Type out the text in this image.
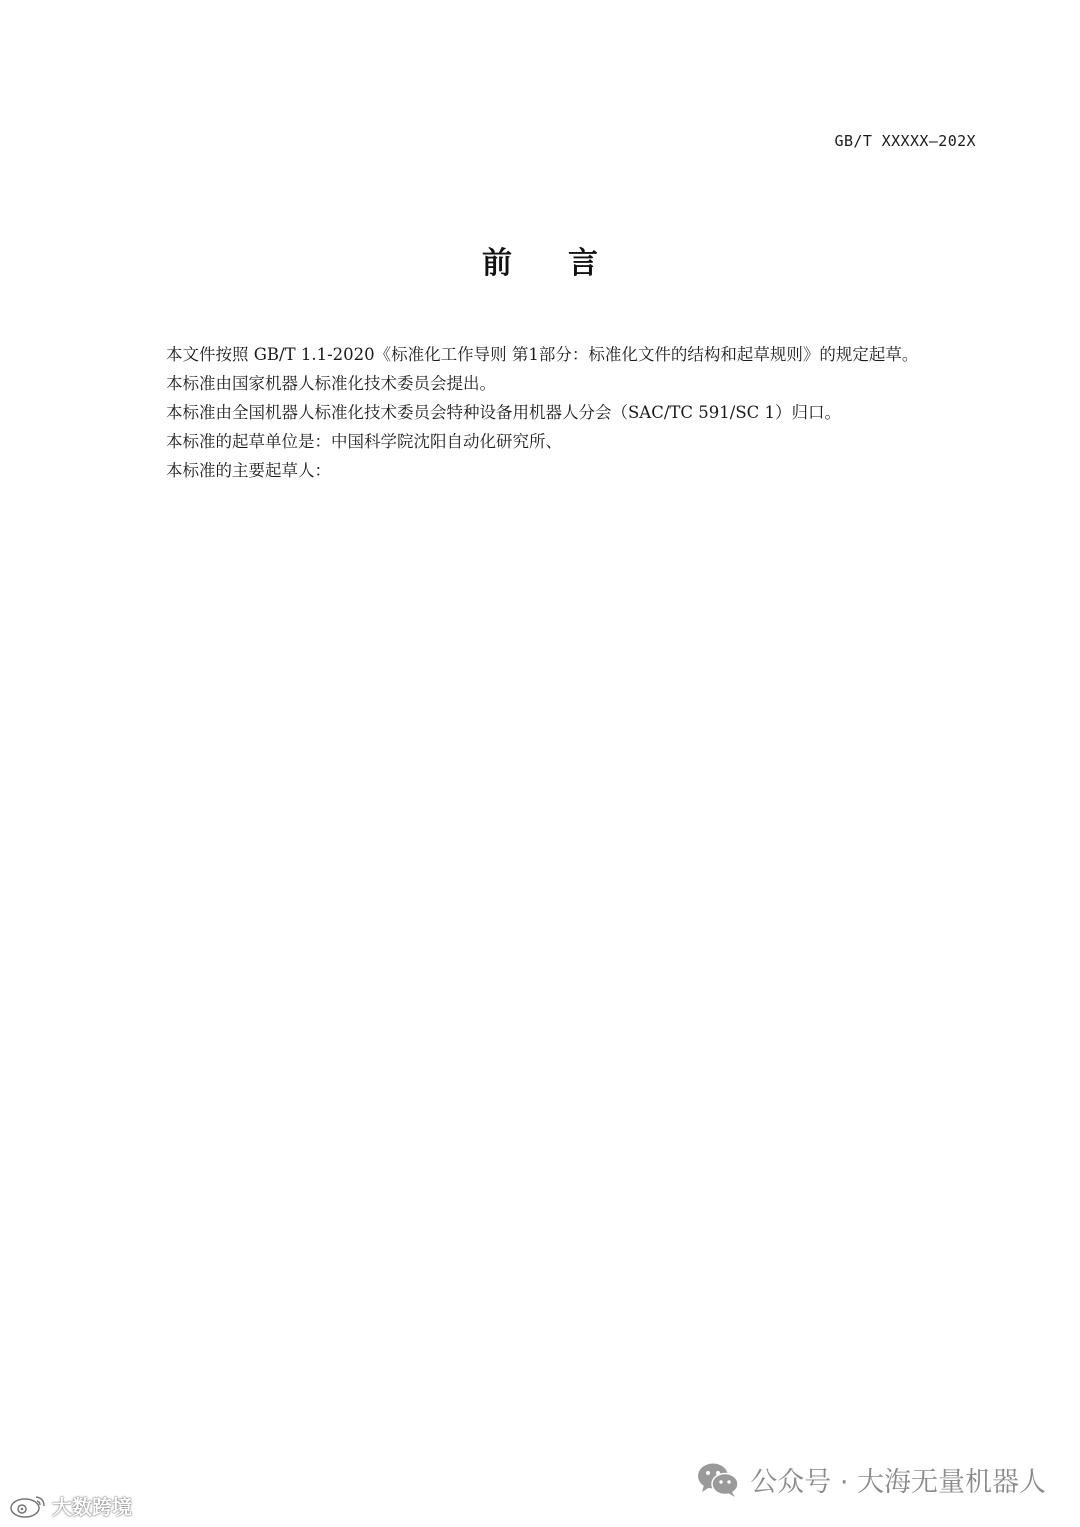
GB/T XXXXX—202X
前言

本文件按照 GB/T 1.1-2020《标准化工作导则 第1部分：标准化文件的结构和起草规则》的规定起草。

本标准由国家机器人标准化技术委员会提出。

本标准由全国机器人标准化技术委员会特种设备用机器人分会（SAC/TC 591/SC 1）归口。

本标准的起草单位是：中国科学院沈阳自动化研究所、

本标准的主要起草人：

公众号 · 大海无量机器人
大数跨境
